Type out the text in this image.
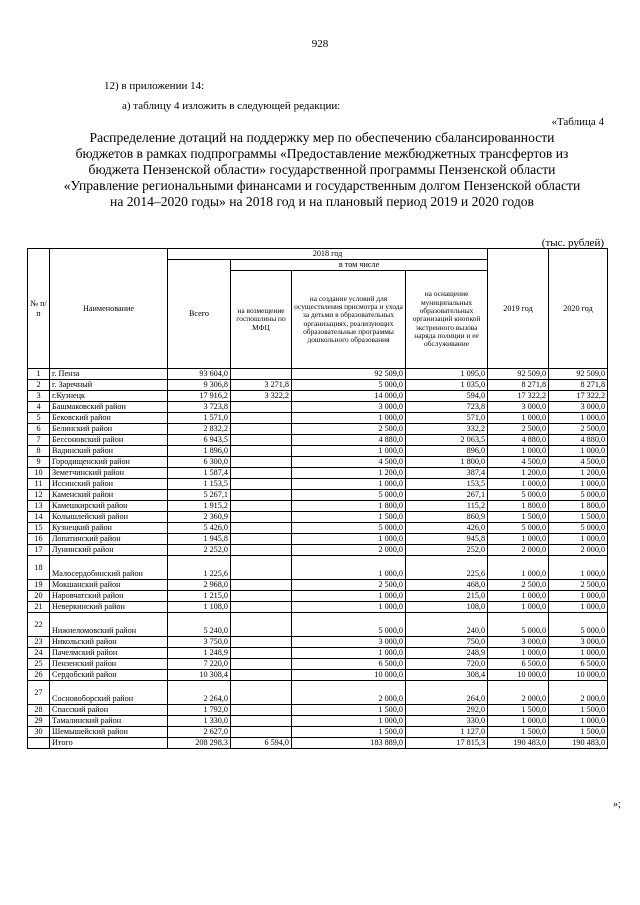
928
12) в приложении 14:
а) таблицу 4 изложить в следующей редакции:
«Таблица 4
Распределение дотаций на поддержку мер по обеспечению сбалансированности бюджетов в рамках подпрограммы «Предоставление межбюджетных трансфертов из бюджета Пензенской области» государственной программы Пензенской области «Управление региональными финансами и государственным долгом Пензенской области на 2014–2020 годы» на 2018 год и на плановый период 2019 и 2020 годов
(тыс. рублей)
№ п/п	Наименование	2018 год				2019 год	2020 год
		Всего	в том числе				
			на возмещение госпошлины по МФЦ	на создание условий для осуществления присмотра и ухода за детьми в образовательных организациях, реализующих образовательные программы дошкольного образования	на оснащение муниципальных образовательных организаций кнопкой экстренного вызова наряда полиции и ее обслуживание		
1	г. Пенза	93 604,0		92 509,0	1 095,0	92 509,0	92 509,0
2	г. Заречный	9 306,8	3 271,8	5 000,0	1 035,0	8 271,8	8 271,8
3	г.Кузнецк	17 916,2	3 322,2	14 000,0	594,0	17 322,2	17 322,2
4	Башмаковский район	3 723,8		3 000,0	723,8	3 000,0	3 000,0
5	Бековский район	1 571,0		1 000,0	571,0	1 000,0	1 000,0
6	Белинский район	2 832,2		2 500,0	332,2	2 500,0	2 500,0
7	Бессоновский район	6 943,5		4 880,0	2 063,5	4 880,0	4 880,0
8	Вадинский район	1 896,0		1 000,0	896,0	1 000,0	1 000,0
9	Городищенский район	6 300,0		4 500,0	1 800,0	4 500,0	4 500,0
10	Земетчинский район	1 587,4		1 200,0	387,4	1 200,0	1 200,0
11	Иссинский район	1 153,5		1 000,0	153,5	1 000,0	1 000,0
12	Каменский район	5 267,1		5 000,0	267,1	5 000,0	5 000,0
13	Камешкирский район	1 915,2		1 800,0	115,2	1 800,0	1 800,0
14	Колышлейский район	2 360,9		1 500,0	860,9	1 500,0	1 500,0
15	Кузнецкий район	5 426,0		5 000,0	426,0	5 000,0	5 000,0
16	Лопатинский район	1 945,8		1 000,0	945,8	1 000,0	1 000,0
17	Лунинский район	2 252,0		2 000,0	252,0	2 000,0	2 000,0
18	Малосердобинский район	1 225,6		1 000,0	225,6	1 000,0	1 000,0
19	Мокшанский район	2 968,0		2 500,0	468,0	2 500,0	2 500,0
20	Наровчатский район	1 215,0		1 000,0	215,0	1 000,0	1 000,0
21	Неверкинский район	1 108,0		1 000,0	108,0	1 000,0	1 000,0
22	Нижнеломовский район	5 240,0		5 000,0	240,0	5 000,0	5 000,0
23	Никольский район	3 750,0		3 000,0	750,0	3 000,0	3 000,0
24	Пачелмский район	1 248,9		1 000,0	248,9	1 000,0	1 000,0
25	Пензенский район	7 220,0		6 500,0	720,0	6 500,0	6 500,0
26	Сердобский район	10 308,4		10 000,0	308,4	10 000,0	10 000,0
27	Сосновоборский район	2 264,0		2 000,0	264,0	2 000,0	2 000,0
28	Спасский район	1 792,0		1 500,0	292,0	1 500,0	1 500,0
29	Тамалинский район	1 330,0		1 000,0	330,0	1 000,0	1 000,0
30	Шемышейский район	2 627,0		1 500,0	1 127,0	1 500,0	1 500,0
	Итого	208 298,3	6 594,0	183 889,0	17 815,3	190 483,0	190 483,0
»;
